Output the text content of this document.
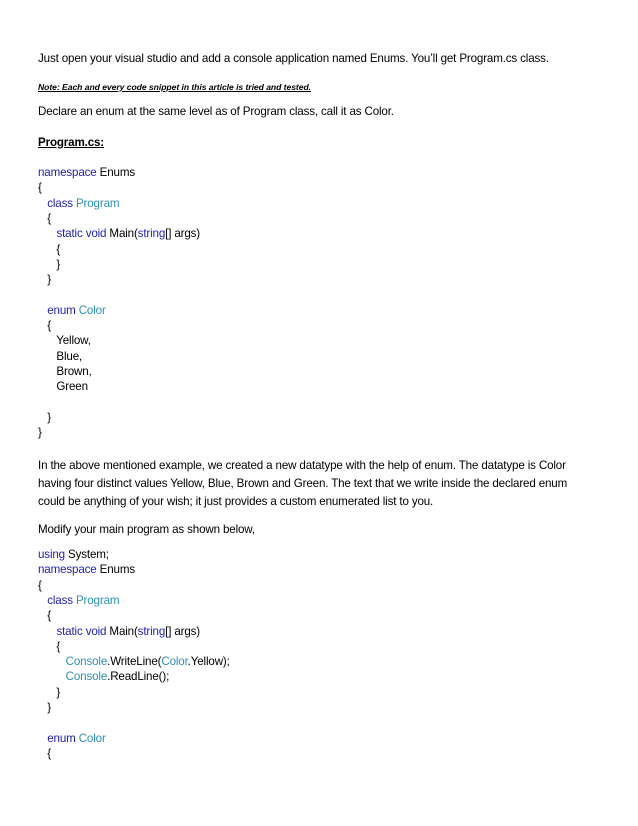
Just open your visual studio and add a console application named Enums. You’ll get Program.cs class.
Note: Each and every code snippet in this article is tried and tested.
Declare an enum at the same level as of Program class, call it as Color.
Program.cs:
namespace Enums
{
class Program
{
static void Main(string[] args)
{
}
}
enum Color
{
Yellow,
Blue,
Brown,
Green
}
}
In the above mentioned example, we created a new datatype with the help of enum. The datatype is Color
having four distinct values Yellow, Blue, Brown and Green. The text that we write inside the declared enum
could be anything of your wish; it just provides a custom enumerated list to you.
Modify your main program as shown below,
using System;
namespace Enums
{
class Program
{
static void Main(string[] args)
{
Console.WriteLine(Color.Yellow);
Console.ReadLine();
}
}
enum Color
{
